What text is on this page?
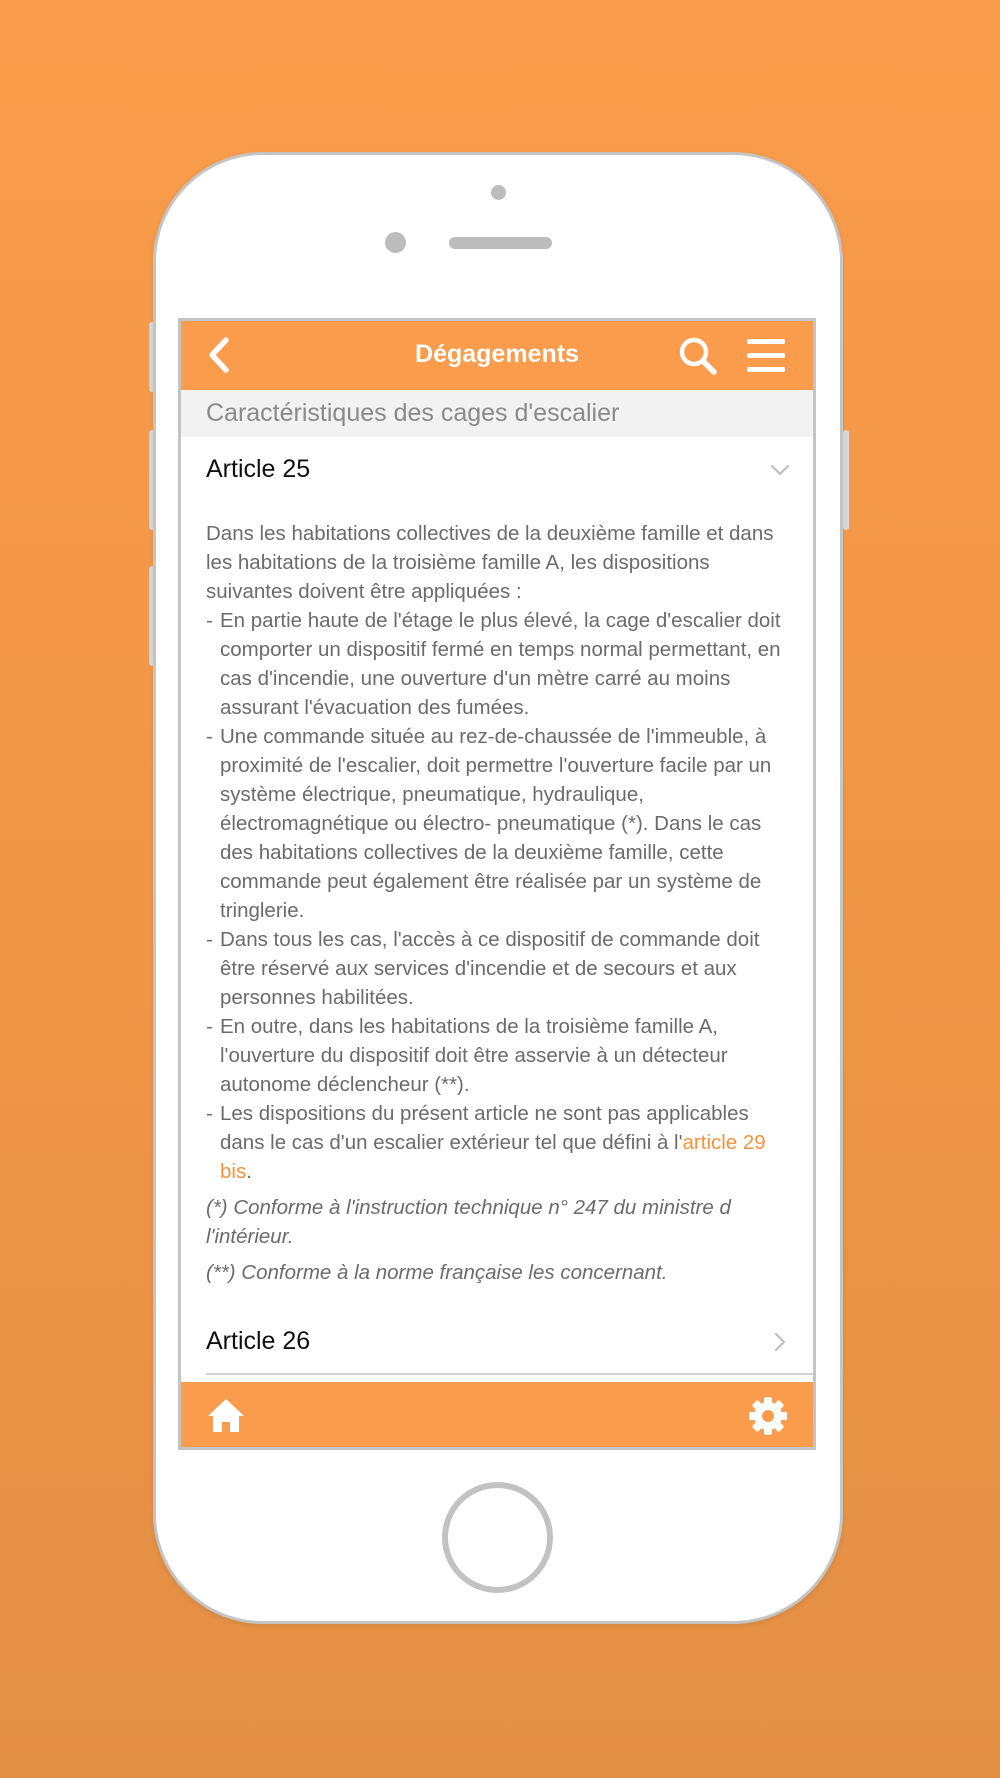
Dégagements
Caractéristiques des cages d'escalier
Article 25

Dans les habitations collectives de la deuxième famille et dans les habitations de la troisième famille A, les dispositions suivantes doivent être appliquées :

- En partie haute de l'étage le plus élevé, la cage d'escalier doit comporter un dispositif fermé en temps normal permettant, en cas d'incendie, une ouverture d'un mètre carré au moins assurant l'évacuation des fumées.
- Une commande située au rez-de-chaussée de l'immeuble, à proximité de l'escalier, doit permettre l'ouverture facile par un système électrique, pneumatique, hydraulique, électromagnétique ou électro- pneumatique (*). Dans le cas des habitations collectives de la deuxième famille, cette commande peut également être réalisée par un système de tringlerie.
- Dans tous les cas, l'accès à ce dispositif de commande doit être réservé aux services d'incendie et de secours et aux personnes habilitées.
- En outre, dans les habitations de la troisième famille A, l'ouverture du dispositif doit être asservie à un détecteur autonome déclencheur (**).
- Les dispositions du présent article ne sont pas applicables dans le cas d'un escalier extérieur tel que défini à l'article 29 bis.

(*) Conforme à l'instruction technique n° 247 du ministre d l'intérieur.

(**) Conforme à la norme française les concernant.

Article 26
